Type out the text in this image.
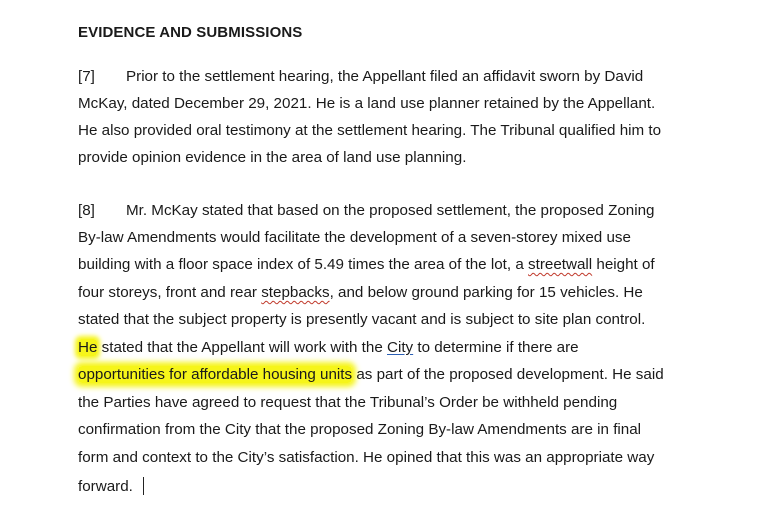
EVIDENCE AND SUBMISSIONS
[7] Prior to the settlement hearing, the Appellant filed an affidavit sworn by David
McKay, dated December 29, 2021. He is a land use planner retained by the Appellant.
He also provided oral testimony at the settlement hearing. The Tribunal qualified him to
provide opinion evidence in the area of land use planning.
[8] Mr. McKay stated that based on the proposed settlement, the proposed Zoning
By-law Amendments would facilitate the development of a seven-storey mixed use
building with a floor space index of 5.49 times the area of the lot, a streetwall height of
four storeys, front and rear stepbacks, and below ground parking for 15 vehicles. He
stated that the subject property is presently vacant and is subject to site plan control.
He stated that the Appellant will work with the City to determine if there are
opportunities for affordable housing units as part of the proposed development. He said
the Parties have agreed to request that the Tribunal’s Order be withheld pending
confirmation from the City that the proposed Zoning By-law Amendments are in final
form and context to the City’s satisfaction. He opined that this was an appropriate way
forward.
